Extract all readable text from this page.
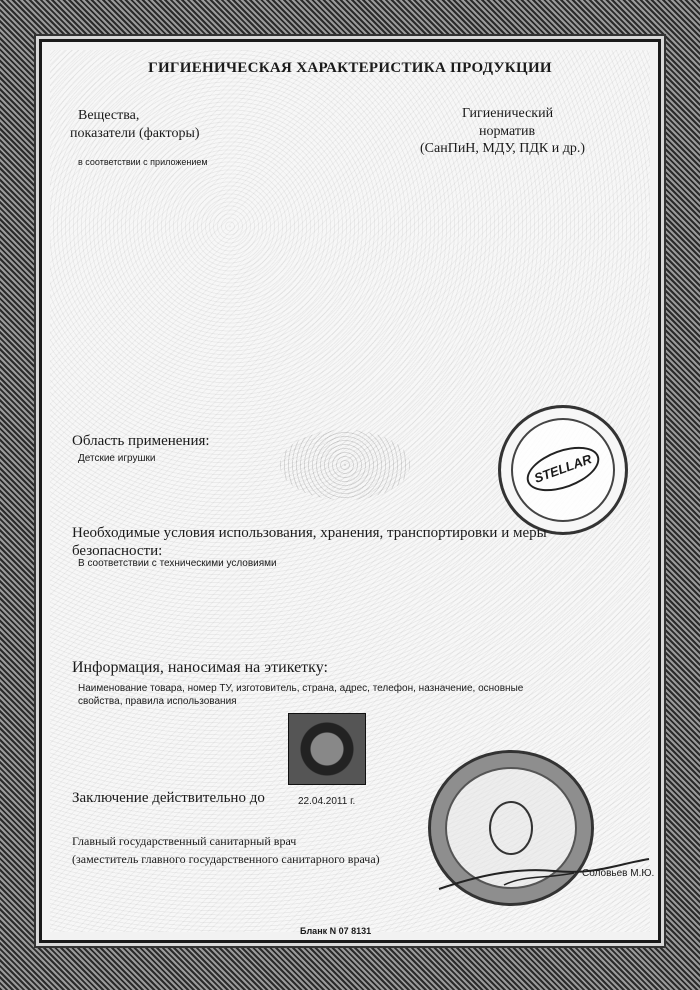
ГИГИЕНИЧЕСКАЯ ХАРАКТЕРИСТИКА ПРОДУКЦИИ
Вещества,
показатели (факторы)
в соответствии с приложением
Гигиенический
норматив
(СанПиН, МДУ, ПДК и др.)
Область применения:
Детские игрушки	STELLAR
Необходимые условия использования, хранения, транспортировки и меры
безопасности:
В соответствии с техническими условиями
Информация, наносимая на этикетку:
Наименование товара, номер ТУ, изготовитель, страна, адрес, телефон, назначение, основные
свойства, правила использования
Заключение действительно до	22.04.2011 г.
Главный государственный санитарный врач
(заместитель главного государственного санитарного врача)
Соловьев М.Ю.
Бланк N 07 8131
